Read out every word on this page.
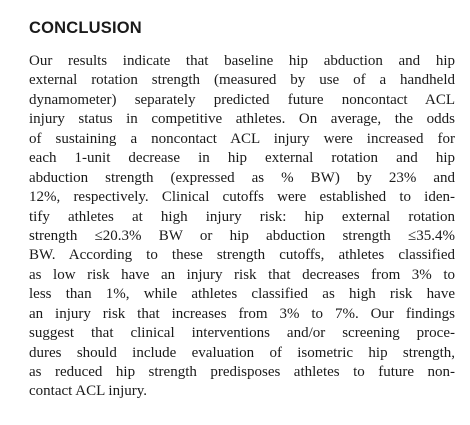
CONCLUSION
Our results indicate that baseline hip abduction and hip
external rotation strength (measured by use of a handheld
dynamometer) separately predicted future noncontact ACL
injury status in competitive athletes. On average, the odds
of sustaining a noncontact ACL injury were increased for
each 1-unit decrease in hip external rotation and hip
abduction strength (expressed as % BW) by 23% and
12%, respectively. Clinical cutoffs were established to iden-
tify athletes at high injury risk: hip external rotation
strength ≤20.3% BW or hip abduction strength ≤35.4%
BW. According to these strength cutoffs, athletes classified
as low risk have an injury risk that decreases from 3% to
less than 1%, while athletes classified as high risk have
an injury risk that increases from 3% to 7%. Our findings
suggest that clinical interventions and/or screening proce-
dures should include evaluation of isometric hip strength,
as reduced hip strength predisposes athletes to future non-
contact ACL injury.
